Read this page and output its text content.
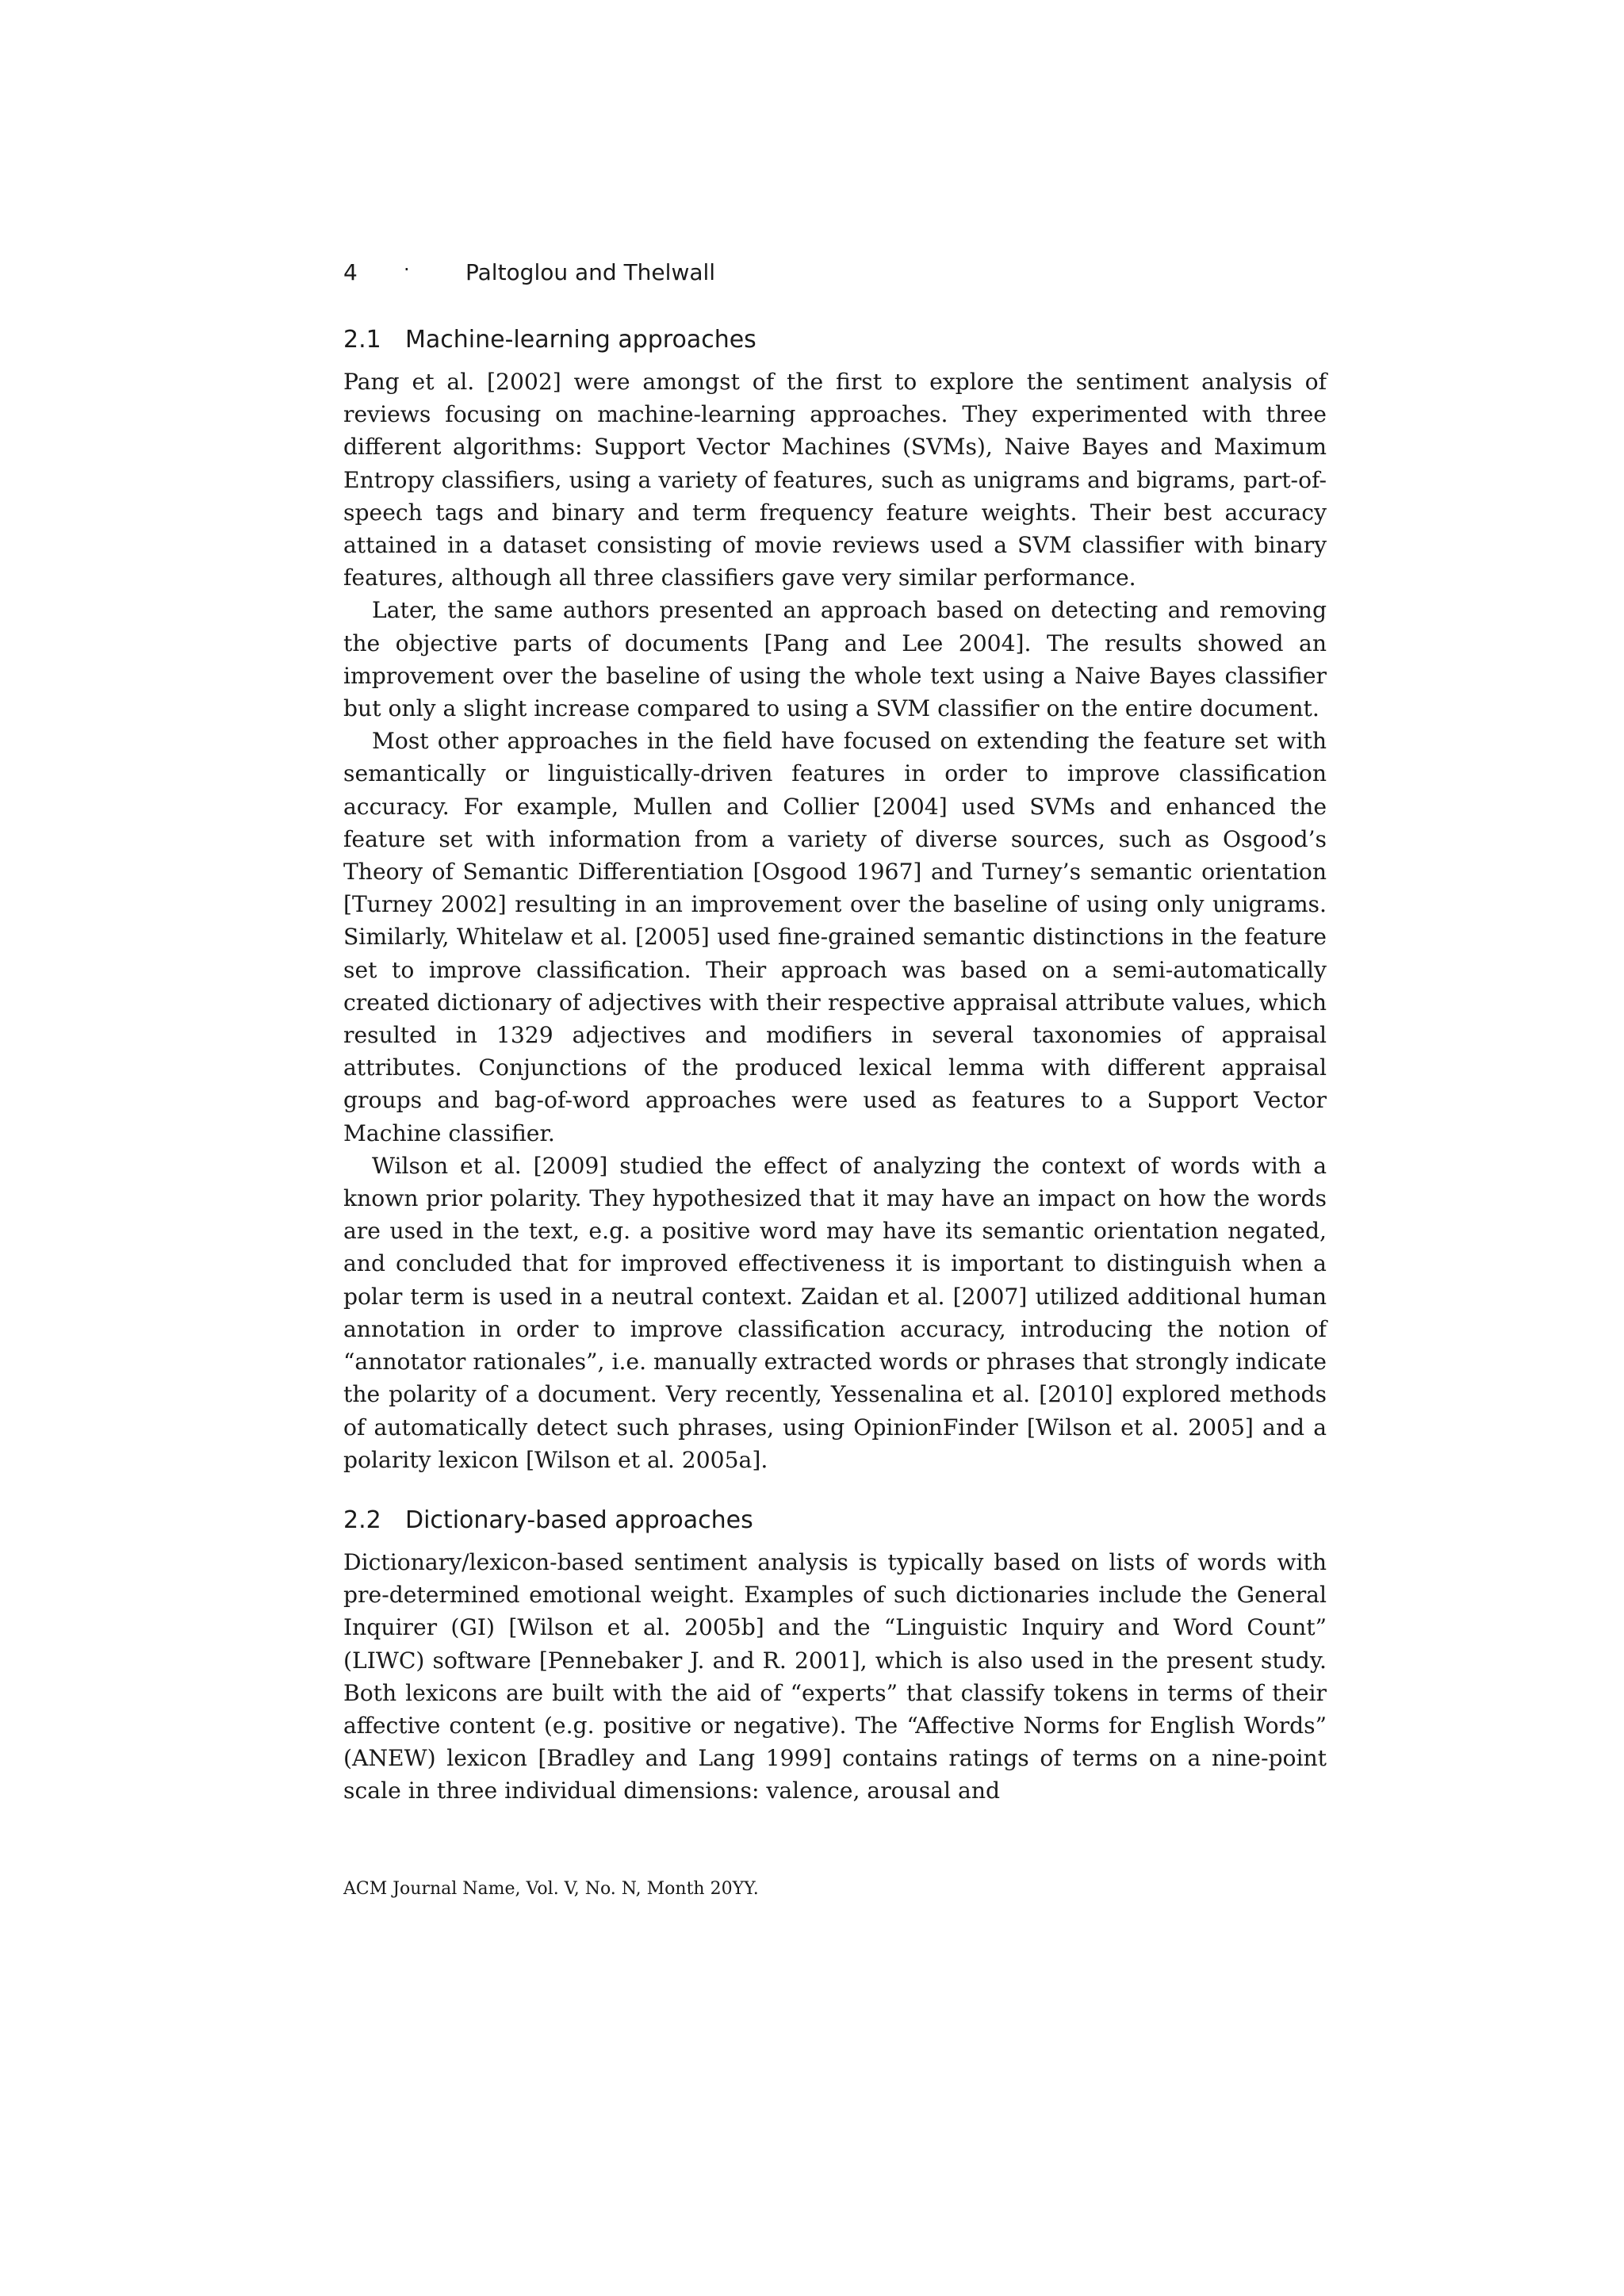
4 ·	Paltoglou and Thelwall
2.1 Machine-learning approaches

Pang et al. [2002] were amongst of the first to explore the sentiment analysis of reviews focusing on machine-learning approaches. They experimented with three different algorithms: Support Vector Machines (SVMs), Naive Bayes and Maximum Entropy classifiers, using a variety of features, such as unigrams and bigrams, part-of-speech tags and binary and term frequency feature weights. Their best accuracy attained in a dataset consisting of movie reviews used a SVM classifier with binary features, although all three classifiers gave very similar performance.

Later, the same authors presented an approach based on detecting and removing the objective parts of documents [Pang and Lee 2004]. The results showed an improvement over the baseline of using the whole text using a Naive Bayes classifier but only a slight increase compared to using a SVM classifier on the entire document.

Most other approaches in the field have focused on extending the feature set with semantically or linguistically-driven features in order to improve classification accuracy. For example, Mullen and Collier [2004] used SVMs and enhanced the feature set with information from a variety of diverse sources, such as Osgood’s Theory of Semantic Differentiation [Osgood 1967] and Turney’s semantic orientation [Turney 2002] resulting in an improvement over the baseline of using only unigrams. Similarly, Whitelaw et al. [2005] used fine-grained semantic distinctions in the feature set to improve classification. Their approach was based on a semi-automatically created dictionary of adjectives with their respective appraisal attribute values, which resulted in 1329 adjectives and modifiers in several taxonomies of appraisal attributes. Conjunctions of the produced lexical lemma with different appraisal groups and bag-of-word approaches were used as features to a Support Vector Machine classifier.

Wilson et al. [2009] studied the effect of analyzing the context of words with a known prior polarity. They hypothesized that it may have an impact on how the words are used in the text, e.g. a positive word may have its semantic orientation negated, and concluded that for improved effectiveness it is important to distinguish when a polar term is used in a neutral context. Zaidan et al. [2007] utilized additional human annotation in order to improve classification accuracy, introducing the notion of “annotator rationales”, i.e. manually extracted words or phrases that strongly indicate the polarity of a document. Very recently, Yessenalina et al. [2010] explored methods of automatically detect such phrases, using OpinionFinder [Wilson et al. 2005] and a polarity lexicon [Wilson et al. 2005a].

2.2 Dictionary-based approaches

Dictionary/lexicon-based sentiment analysis is typically based on lists of words with pre-determined emotional weight. Examples of such dictionaries include the General Inquirer (GI) [Wilson et al. 2005b] and the “Linguistic Inquiry and Word Count” (LIWC) software [Pennebaker J. and R. 2001], which is also used in the present study. Both lexicons are built with the aid of “experts” that classify tokens in terms of their affective content (e.g. positive or negative). The “Affective Norms for English Words” (ANEW) lexicon [Bradley and Lang 1999] contains ratings of terms on a nine-point scale in three individual dimensions: valence, arousal and

ACM Journal Name, Vol. V, No. N, Month 20YY.
